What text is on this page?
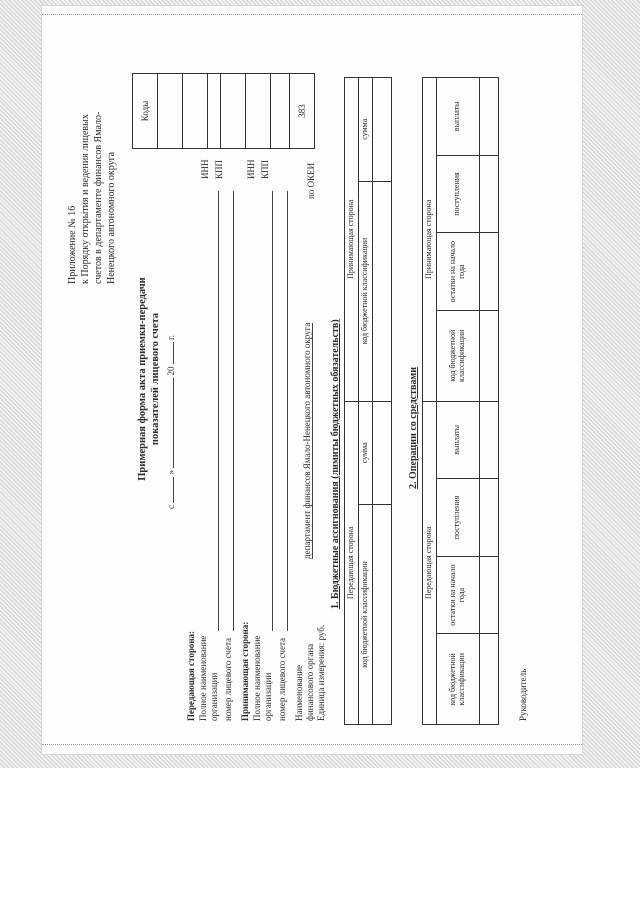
Приложение № 16 к Порядку открытия и ведения лицевых счетов в департаменте финансов Ямало- Ненецкого автономного округа
Примерная форма акта приемки-передачи показателей лицевого счета
с  »  20  г.
Коды

383
Передающая сторона: Полное наименование организации номер лицевого счета
ИНН КПП
Принимающая сторона: Полное наименование организации номер лицевого счета
ИНН КПП
Наименование финансового органа
департамент финансов Ямало-Ненецкого автономного округа
Единица измерения: руб.
по ОКЕИ
1. Бюджетные ассигнования (лимиты бюджетных обязательств) Передающая сторона		Принимающая сторона	
код бюджетной классификации	сумма	код бюджетной классификации	сумма

2. Операции со средствами
Передающая сторона				Принимающая сторона			
код бюджетной классификации	остатки на начало года	поступления	выплаты	код бюджетной классификации	остатки на начало года	поступления	выплаты

Руководитель
